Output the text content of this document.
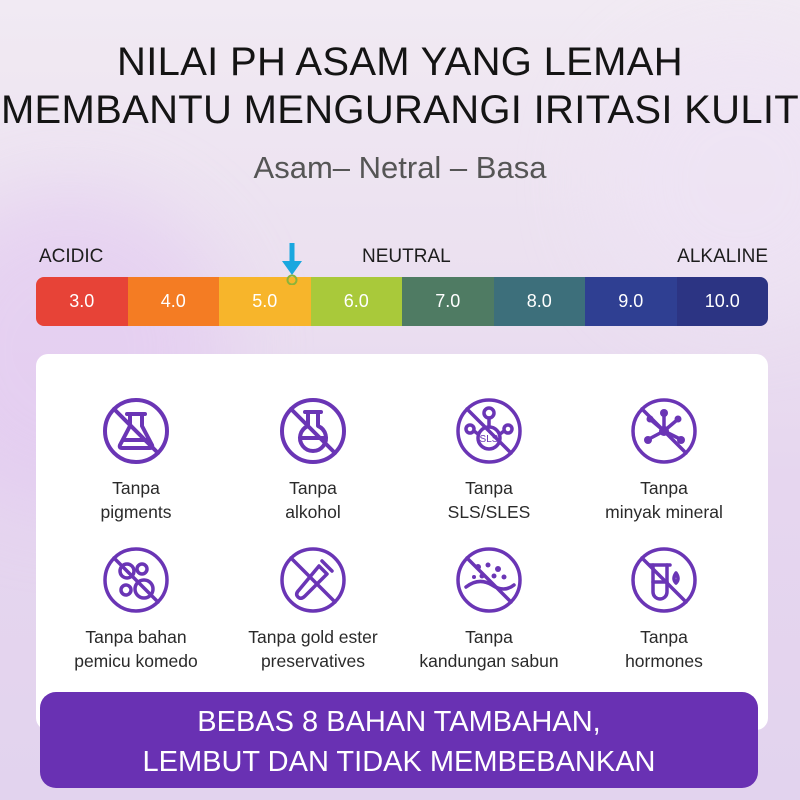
NILAI PH ASAM YANG LEMAH
MEMBANTU MENGURANGI IRITASI KULIT
Asam– Netral – Basa
ACIDIC	NEUTRAL	ALKALINE
3.0	4.0	5.0	6.0	7.0	8.0	9.0	10.0
Tanpa
pigments
Tanpa
alkohol
SLS
Tanpa
SLS/SLES
Tanpa
minyak mineral
Tanpa bahan
pemicu komedo
Tanpa gold ester
preservatives
Tanpa
kandungan sabun
Tanpa
hormones
BEBAS 8 BAHAN TAMBAHAN,
LEMBUT DAN TIDAK MEMBEBANKAN
